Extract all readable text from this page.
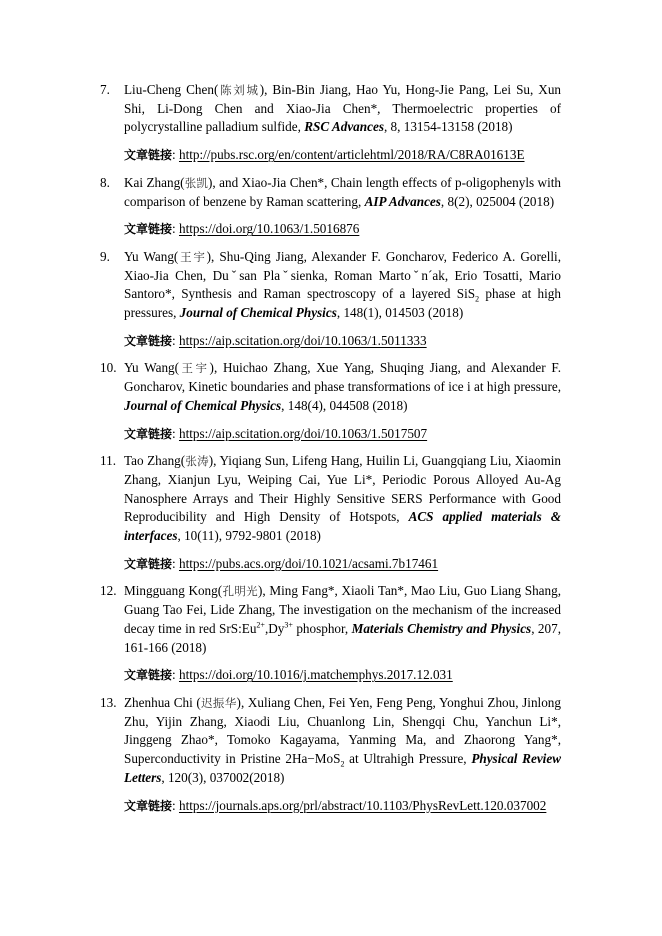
7.	Liu-Cheng Chen(陈刘城), Bin-Bin Jiang, Hao Yu, Hong-Jie Pang, Lei Su, Xun Shi, Li-Dong Chen and Xiao-Jia Chen*, Thermoelectric properties of polycrystalline palladium sulfide, RSC Advances, 8, 13154-13158 (2018)
文章链接: http://pubs.rsc.org/en/content/articlehtml/2018/RA/C8RA01613E
8.	Kai Zhang(张凯), and Xiao-Jia Chen*, Chain length effects of p-oligophenyls with comparison of benzene by Raman scattering, AIP Advances, 8(2), 025004 (2018)
文章链接: https://doi.org/10.1063/1.5016876
9.	Yu Wang(王宇), Shu-Qing Jiang, Alexander F. Goncharov, Federico A. Gorelli, Xiao-Jia Chen, Duˇsan Plaˇsienka, Roman Martoˇn´ak, Erio Tosatti, Mario Santoro*, Synthesis and Raman spectroscopy of a layered SiS$_2$ phase at high pressures, Journal of Chemical Physics, 148(1), 014503 (2018)
文章链接: https://aip.scitation.org/doi/10.1063/1.5011333
10. Yu Wang(王宇), Huichao Zhang, Xue Yang, Shuqing Jiang, and Alexander F. Goncharov, Kinetic boundaries and phase transformations of ice i at high pressure, Journal of Chemical Physics, 148(4), 044508 (2018)
文章链接: https://aip.scitation.org/doi/10.1063/1.5017507
11. Tao Zhang(张涛), Yiqiang Sun, Lifeng Hang, Huilin Li, Guangqiang Liu, Xiaomin Zhang, Xianjun Lyu, Weiping Cai, Yue Li*, Periodic Porous Alloyed Au-Ag Nanosphere Arrays and Their Highly Sensitive SERS Performance with Good Reproducibility and High Density of Hotspots, ACS applied materials & interfaces, 10(11), 9792-9801 (2018)
文章链接: https://pubs.acs.org/doi/10.1021/acsami.7b17461
12. Mingguang Kong(孔明光), Ming Fang*, Xiaoli Tan*, Mao Liu, Guo Liang Shang, Guang Tao Fei, Lide Zhang, The investigation on the mechanism of the increased decay time in red $SrS:Eu^{2+},Dy^{3+}$ phosphor, Materials Chemistry and Physics, 207, 161-166 (2018)
文章链接: https://doi.org/10.1016/j.matchemphys.2017.12.031
13. Zhenhua Chi (迟振华), Xuliang Chen, Fei Yen, Feng Peng, Yonghui Zhou, Jinlong Zhu, Yijin Zhang, Xiaodi Liu, Chuanlong Lin, Shengqi Chu, Yanchun Li*, Jinggeng Zhao*, Tomoko Kagayama, Yanming Ma, and Zhaorong Yang*, Superconductivity in Pristine 2Ha−MoS$_2$ at Ultrahigh Pressure, Physical Review Letters, 120(3), 037002(2018)
文章链接: https://journals.aps.org/prl/abstract/10.1103/PhysRevLett.120.037002
